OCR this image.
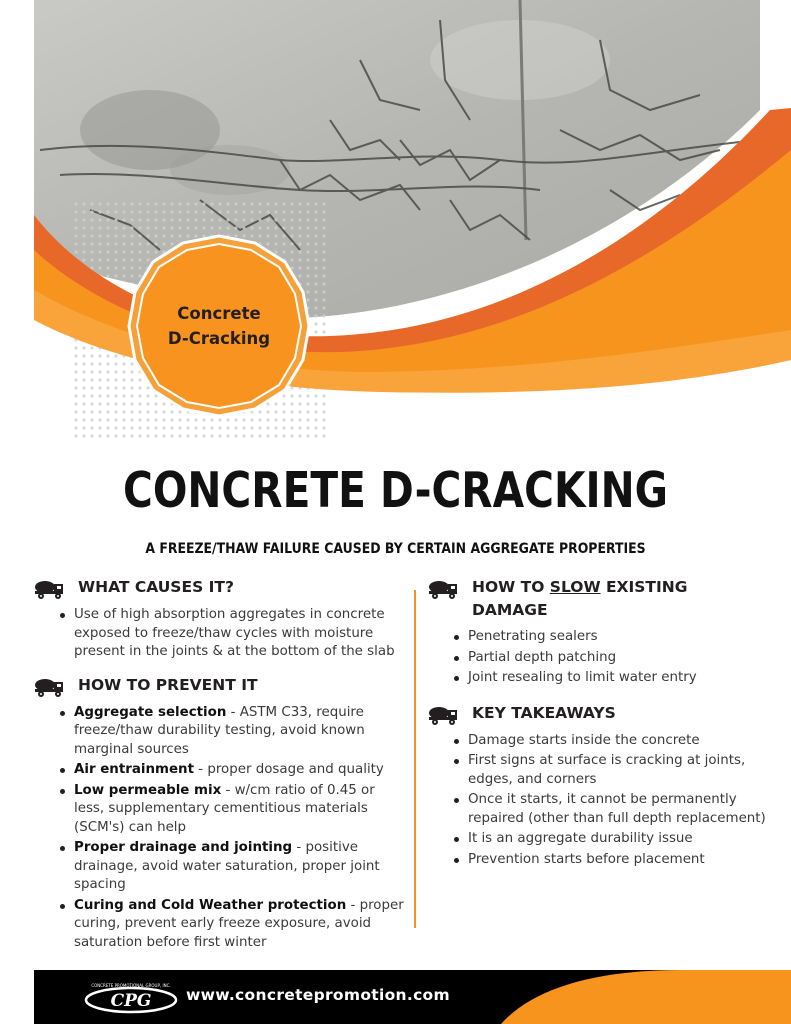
Concrete
D-Cracking
CONCRETE D-CRACKING
A FREEZE/THAW FAILURE CAUSED BY CERTAIN AGGREGATE PROPERTIES
WHAT CAUSES IT?
Use of high absorption aggregates in concrete exposed to freeze/thaw cycles with moisture present in the joints & at the bottom of the slab
HOW TO PREVENT IT
Aggregate selection - ASTM C33, require freeze/thaw durability testing, avoid known marginal sources
Air entrainment - proper dosage and quality
Low permeable mix - w/cm ratio of 0.45 or less, supplementary cementitious materials (SCM's) can help
Proper drainage and jointing - positive drainage, avoid water saturation, proper joint spacing
Curing and Cold Weather protection - proper curing, prevent early freeze exposure, avoid saturation before first winter
HOW TO SLOW EXISTING DAMAGE
Penetrating sealers
Partial depth patching
Joint resealing to limit water entry
KEY TAKEAWAYS
Damage starts inside the concrete
First signs at surface is cracking at joints, edges, and corners
Once it starts, it cannot be permanently repaired (other than full depth replacement)
It is an aggregate durability issue
Prevention starts before placement
CPG
CONCRETE PROMOTIONAL GROUP, INC.
www.concretepromotion.com
